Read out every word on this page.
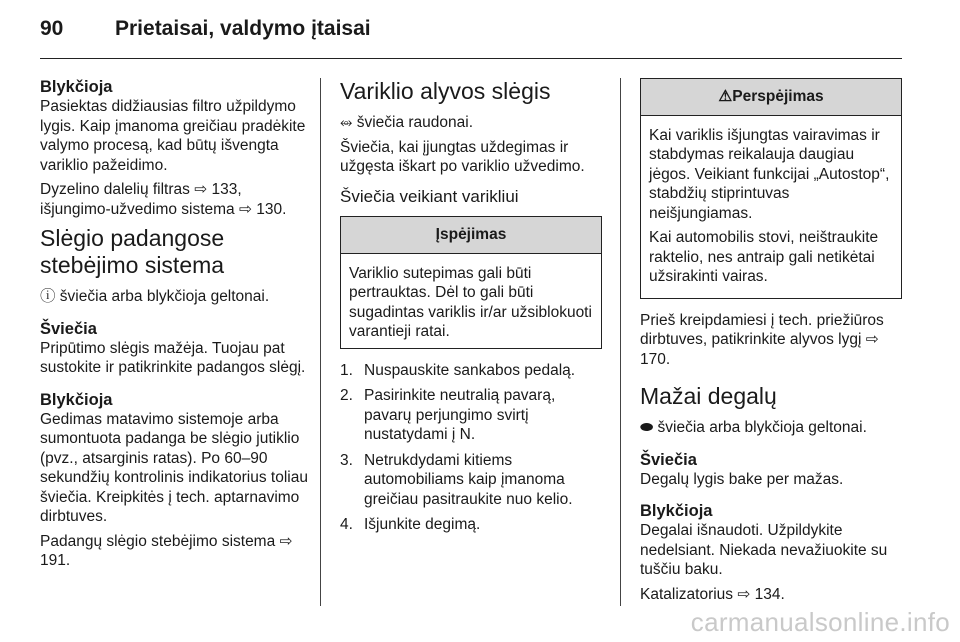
90 Prietaisai, valdymo įtaisai
Blykčioja

Pasiektas didžiausias filtro užpildymo lygis. Kaip įmanoma greičiau pradėkite valymo procesą, kad būtų išvengta variklio pažeidimo.

Dyzelino dalelių filtras ⇨ 133, išjungimo-užvedimo sistema ⇨ 130.

Slėgio padangose stebėjimo sistema

ⓘ šviečia arba blykčioja geltonai.

Šviečia

Pripūtimo slėgis mažėja. Tuojau pat sustokite ir patikrinkite padangos slėgį.

Blykčioja

Gedimas matavimo sistemoje arba sumontuota padanga be slėgio jutiklio (pvz., atsarginis ratas). Po 60–90 sekundžių kontrolinis indikatorius toliau šviečia. Kreipkitės į tech. aptarnavimo dirbtuves.

Padangų slėgio stebėjimo sistema ⇨ 191.

Variklio alyvos slėgis

⥈ šviečia raudonai.

Šviečia, kai įjungtas uždegimas ir užgęsta iškart po variklio užvedimo.

Šviečia veikiant varikliui
Įspėjimas
Variklio sutepimas gali būti pertrauktas. Dėl to gali būti sugadintas variklis ir/ar užsiblokuoti varantieji ratai.
1. Nuspauskite sankabos pedalą.
2. Pasirinkite neutralią pavarą, pavarų perjungimo svirtį nustatydami į N.
3. Netrukdydami kitiems automobiliams kaip įmanoma greičiau pasitraukite nuo kelio.
4. Išjunkite degimą.
⚠Perspėjimas

Kai variklis išjungtas vairavimas ir stabdymas reikalauja daugiau jėgos. Veikiant funkcijai „Autostop“, stabdžių stiprintuvas neišjungiamas.

Kai automobilis stovi, neištraukite raktelio, nes antraip gali netikėtai užsirakinti vairas.

Prieš kreipdamiesi į tech. priežiūros dirbtuves, patikrinkite alyvos lygį ⇨ 170.

Mažai degalų

⬬ šviečia arba blykčioja geltonai.

Šviečia

Degalų lygis bake per mažas.

Blykčioja

Degalai išnaudoti. Užpildykite nedelsiant. Niekada nevažiuokite su tuščiu baku.

Katalizatorius ⇨ 134.

carmanualsonline.info
